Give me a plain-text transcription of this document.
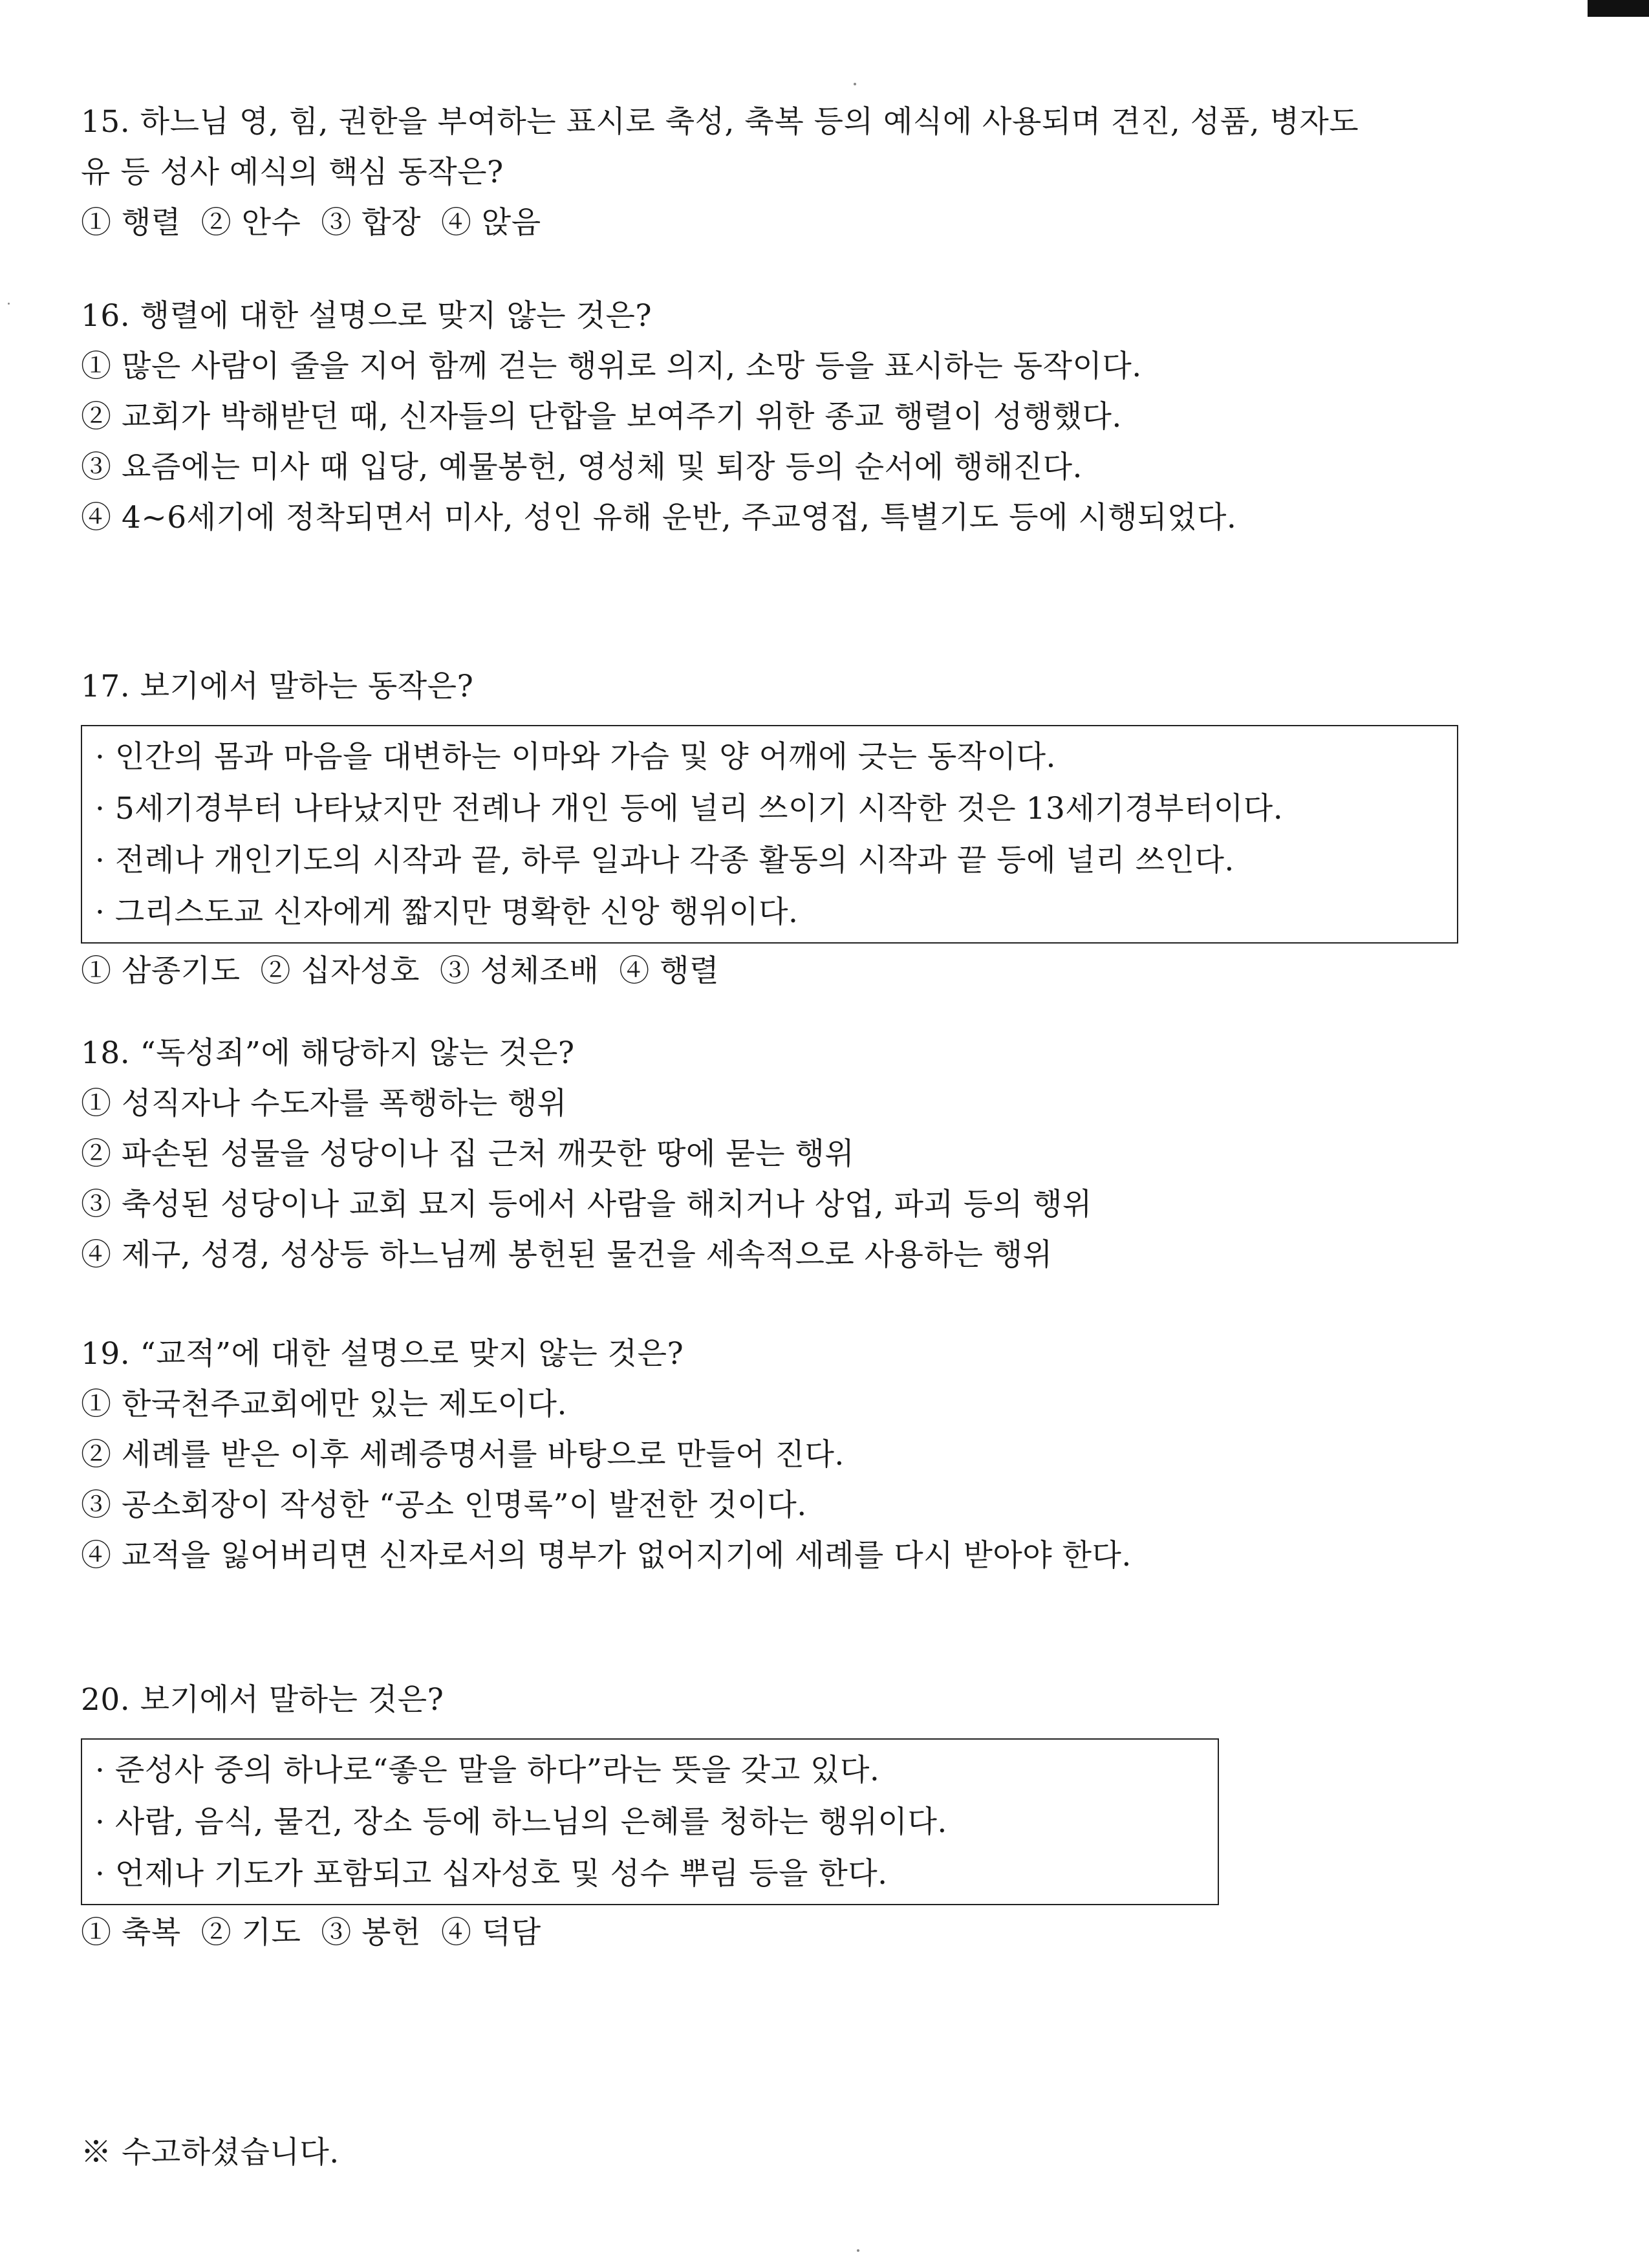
15. 하느님 영, 힘, 권한을 부여하는 표시로 축성, 축복 등의 예식에 사용되며 견진, 성품, 병자도
유 등 성사 예식의 핵심 동작은?
① 행렬  ② 안수  ③ 합장  ④ 앉음
16. 행렬에 대한 설명으로 맞지 않는 것은?
① 많은 사람이 줄을 지어 함께 걷는 행위로 의지, 소망 등을 표시하는 동작이다.
② 교회가 박해받던 때, 신자들의 단합을 보여주기 위한 종교 행렬이 성행했다.
③ 요즘에는 미사 때 입당, 예물봉헌, 영성체 및 퇴장 등의 순서에 행해진다.
④ 4~6세기에 정착되면서 미사, 성인 유해 운반, 주교영접, 특별기도 등에 시행되었다.
17. 보기에서 말하는 동작은?
· 인간의 몸과 마음을 대변하는 이마와 가슴 및 양 어깨에 긋는 동작이다.
· 5세기경부터 나타났지만 전례나 개인 등에 널리 쓰이기 시작한 것은 13세기경부터이다.
· 전례나 개인기도의 시작과 끝, 하루 일과나 각종 활동의 시작과 끝 등에 널리 쓰인다.
· 그리스도교 신자에게 짧지만 명확한 신앙 행위이다.
① 삼종기도  ② 십자성호  ③ 성체조배  ④ 행렬
18. “독성죄”에 해당하지 않는 것은?
① 성직자나 수도자를 폭행하는 행위
② 파손된 성물을 성당이나 집 근처 깨끗한 땅에 묻는 행위
③ 축성된 성당이나 교회 묘지 등에서 사람을 해치거나 상업, 파괴 등의 행위
④ 제구, 성경, 성상등 하느님께 봉헌된 물건을 세속적으로 사용하는 행위
19. “교적”에 대한 설명으로 맞지 않는 것은?
① 한국천주교회에만 있는 제도이다.
② 세례를 받은 이후 세례증명서를 바탕으로 만들어 진다.
③ 공소회장이 작성한 “공소 인명록”이 발전한 것이다.
④ 교적을 잃어버리면 신자로서의 명부가 없어지기에 세례를 다시 받아야 한다.
20. 보기에서 말하는 것은?
· 준성사 중의 하나로“좋은 말을 하다”라는 뜻을 갖고 있다.
· 사람, 음식, 물건, 장소 등에 하느님의 은혜를 청하는 행위이다.
· 언제나 기도가 포함되고 십자성호 및 성수 뿌림 등을 한다.
① 축복  ② 기도  ③ 봉헌  ④ 덕담
※ 수고하셨습니다.
